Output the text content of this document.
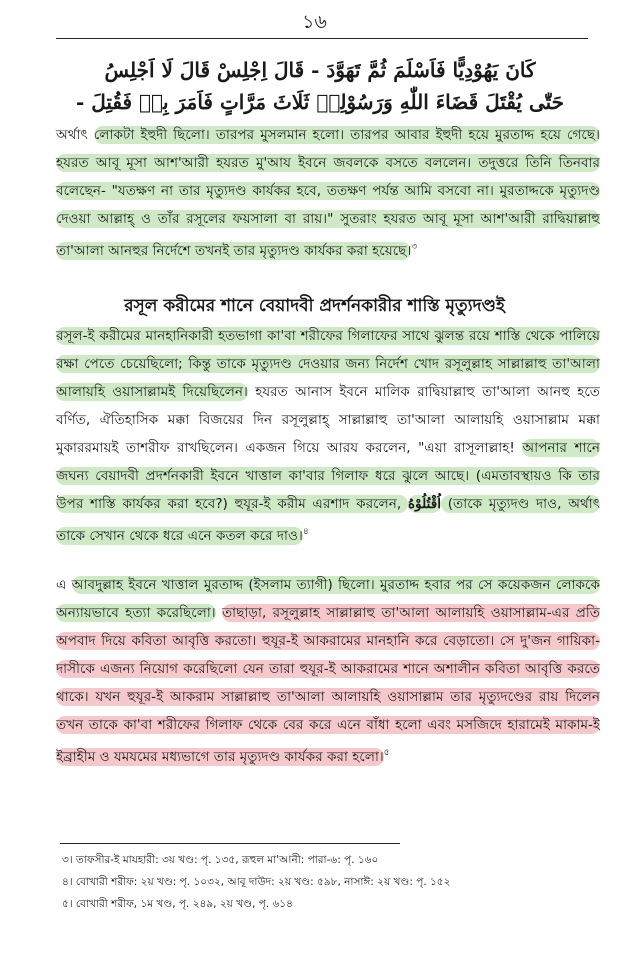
১৬
كَانَ يَهُوْدِيًّا فَاَسْلَمَ ثُمَّ تَهَوَّدَ - قَالَ اِجْلِسْ قَالَ لَا اَجْلِسُ
حَتّٰى يُقْتَلَ قَضَاءَ اللّٰهِ وَرَسُوْلِهٖ ثَلَاثَ مَرَّاتٍ فَاَمَرَ بِهٖ فَقُتِلَ -

অর্থাৎ লোকটা ইহুদী ছিলো। তারপর মুসলমান হলো। তারপর আবার ইহুদী হয়ে মুরতাদ্দ হয়ে গেছে। হযরত আবূ মূসা আশ'আরী হযরত মু'আয ইবনে জবলকে বসতে বললেন। তদুত্তরে তিনি তিনবার বলেছেন- "যতক্ষণ না তার মৃত্যুদণ্ড কার্যকর হবে, ততক্ষণ পর্যন্ত আমি বসবো না। মুরতাদ্দকে মৃত্যুদণ্ড দেওয়া আল্লাহ্ ও তাঁর রসূলের ফয়সালা বা রায়।" সুতরাং হযরত আবূ মূসা আশ'আরী রাদ্বিয়াল্লাহু তা'আলা আনহুর নির্দেশে তখনই তার মৃত্যুদণ্ড কার্যকর করা হয়েছে।$^৩$

রসূল করীমের শানে বেয়াদবী প্রদর্শনকারীর শাস্তি মৃত্যুদণ্ডই

রসূল-ই করীমের মানহানিকারী হতভাগা কা'বা শরীফের গিলাফের সাথে ঝুলন্ত রয়ে শাস্তি থেকে পালিয়ে রক্ষা পেতে চেয়েছিলো; কিন্তু তাকে মৃত্যুদণ্ড দেওয়ার জন্য নির্দেশ খোদ রসূলুল্লাহ সাল্লাল্লাহু তা'আলা আলায়হি ওয়াসাল্লামই দিয়েছিলেন। হযরত আনাস ইবনে মালিক রাদ্বিয়াল্লাহু তা'আলা আনহু হতে বর্ণিত, ঐতিহাসিক মক্কা বিজয়ের দিন রসূলুল্লাহ্ সাল্লাল্লাহু তা'আলা আলায়হি ওয়াসাল্লাম মক্কা মুকাররমায়ই তাশরীফ রাখছিলেন। একজন গিয়ে আরয করলেন, "এয়া রাসূলাল্লাহ! আপনার শানে জঘন্য বেয়াদবী প্রদর্শনকারী ইবনে খাত্তাল কা'বার গিলাফ ধরে ঝুলে আছে। (এমতাবস্থায়ও কি তার উপর শাস্তি কার্যকর করা হবে?) হুযূর-ই করীম এরশাদ করলেন, اُقْتُلُوْهُ (তাকে মৃত্যুদণ্ড দাও, অর্থাৎ তাকে সেখান থেকে ধরে এনে কতল করে দাও।$^৪$

এ আবদুল্লাহ ইবনে খাত্তাল মুরতাদ্দ (ইসলাম ত্যাগী) ছিলো। মুরতাদ্দ হবার পর সে কয়েকজন লোককে অন্যায়ভাবে হত্যা করেছিলো। তাছাড়া, রসূলুল্লাহ সাল্লাল্লাহু তা'আলা আলায়হি ওয়াসাল্লাম-এর প্রতি অপবাদ দিয়ে কবিতা আবৃত্তি করতো। হুযূর-ই আকরামের মানহানি করে বেড়াতো। সে দু'জন গায়িকা-দাসীকে এজন্য নিয়োগ করেছিলো যেন তারা হুযূর-ই আকরামের শানে অশালীন কবিতা আবৃত্তি করতে থাকে। যখন হুযূর-ই আকরাম সাল্লাল্লাহু তা'আলা আলায়হি ওয়াসাল্লাম তার মৃত্যুদণ্ডের রায় দিলেন তখন তাকে কা'বা শরীফের গিলাফ থেকে বের করে এনে বাঁধা হলো এবং মসজিদে হারামেই মাকাম-ই ইব্রাহীম ও যমযমের মধ্যভাগে তার মৃত্যুদণ্ড কার্যকর করা হলো।$^৫$

৩। তাফসীর-ই মাযহারী: ৩য় খণ্ড: পৃ. ১৩৫, রূহুল মা'আনী: পারা-৬: পৃ. ১৬০
৪। বোখারী শরীফ: ২য় খণ্ড: পৃ. ১০৩২, আবূ দাউদ: ২য় খণ্ড: ৫৯৮, নাসাঈ: ২য় খণ্ড: পৃ. ১৫২
৫। বোখারী শরীফ, ১ম খণ্ড, পৃ. ২৪৯, ২য় খণ্ড, পৃ. ৬১৪
